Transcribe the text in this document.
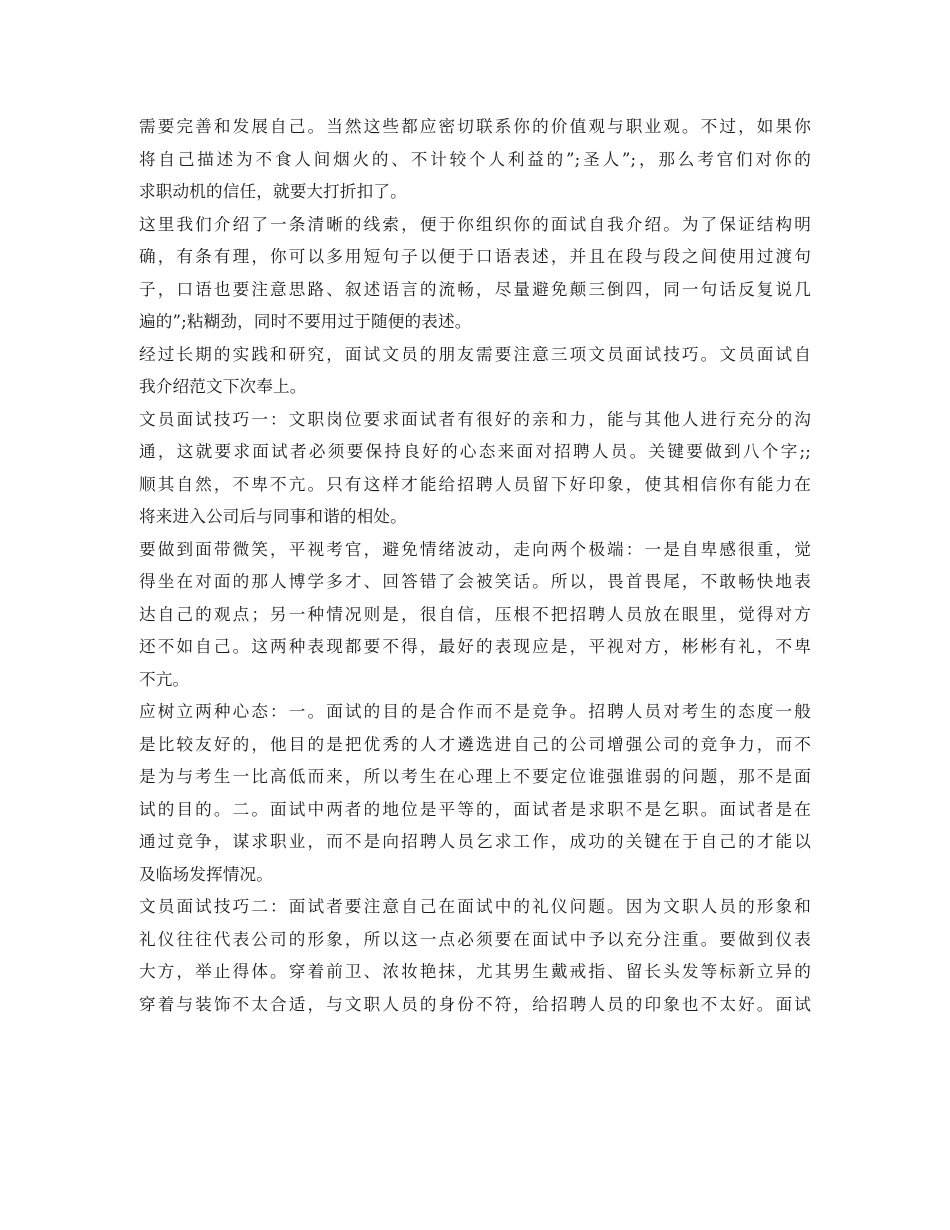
需要完善和发展自己。当然这些都应密切联系你的价值观与职业观。不过，如果你
将自己描述为不食人间烟火的、不计较个人利益的”;圣人”;，那么考官们对你的
求职动机的信任，就要大打折扣了。
这里我们介绍了一条清晰的线索，便于你组织你的面试自我介绍。为了保证结构明
确，有条有理，你可以多用短句子以便于口语表述，并且在段与段之间使用过渡句
子，口语也要注意思路、叙述语言的流畅，尽量避免颠三倒四，同一句话反复说几
遍的”;粘糊劲，同时不要用过于随便的表述。
经过长期的实践和研究，面试文员的朋友需要注意三项文员面试技巧。文员面试自
我介绍范文下次奉上。
文员面试技巧一：文职岗位要求面试者有很好的亲和力，能与其他人进行充分的沟
通，这就要求面试者必须要保持良好的心态来面对招聘人员。关键要做到八个字;;
顺其自然，不卑不亢。只有这样才能给招聘人员留下好印象，使其相信你有能力在
将来进入公司后与同事和谐的相处。
要做到面带微笑，平视考官，避免情绪波动，走向两个极端：一是自卑感很重，觉
得坐在对面的那人博学多才、回答错了会被笑话。所以，畏首畏尾，不敢畅快地表
达自己的观点；另一种情况则是，很自信，压根不把招聘人员放在眼里，觉得对方
还不如自己。这两种表现都要不得，最好的表现应是，平视对方，彬彬有礼，不卑
不亢。
应树立两种心态：一。面试的目的是合作而不是竞争。招聘人员对考生的态度一般
是比较友好的，他目的是把优秀的人才遴选进自己的公司增强公司的竞争力，而不
是为与考生一比高低而来，所以考生在心理上不要定位谁强谁弱的问题，那不是面
试的目的。二。面试中两者的地位是平等的，面试者是求职不是乞职。面试者是在
通过竞争，谋求职业，而不是向招聘人员乞求工作，成功的关键在于自己的才能以
及临场发挥情况。
文员面试技巧二：面试者要注意自己在面试中的礼仪问题。因为文职人员的形象和
礼仪往往代表公司的形象，所以这一点必须要在面试中予以充分注重。要做到仪表
大方，举止得体。穿着前卫、浓妆艳抹，尤其男生戴戒指、留长头发等标新立异的
穿着与装饰不太合适，与文职人员的身份不符，给招聘人员的印象也不太好。面试
